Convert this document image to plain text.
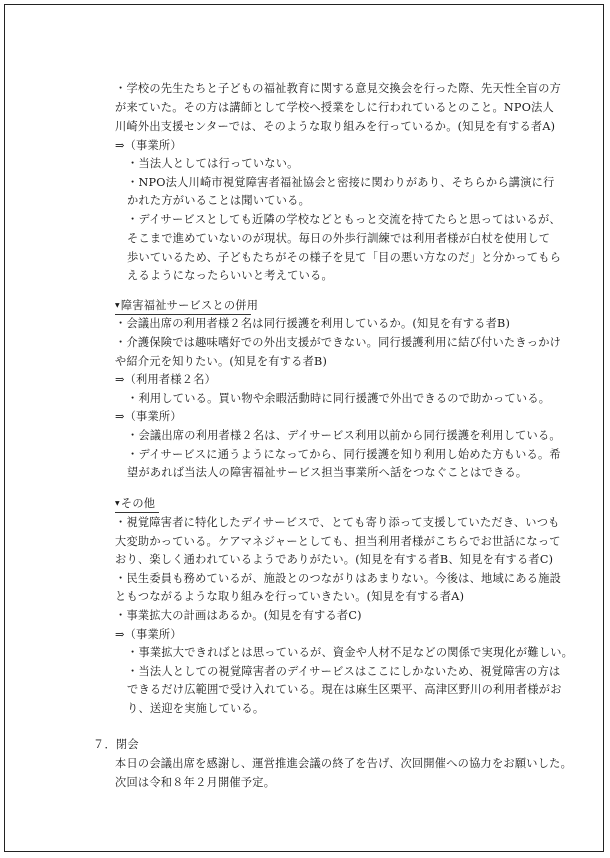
・学校の先生たちと子どもの福祉教育に関する意見交換会を行った際、先天性全盲の方

が来ていた。その方は講師として学校へ授業をしに行われているとのこと。NPO法人

川崎外出支援センターでは、そのような取り組みを行っているか。(知見を有する者A)

⇒（事業所）

・当法人としては行っていない。

・NPO法人川崎市視覚障害者福祉協会と密接に関わりがあり、そちらから講演に行

かれた方がいることは聞いている。

・デイサービスとしても近隣の学校などともっと交流を持てたらと思ってはいるが、

そこまで進めていないのが現状。毎日の外歩行訓練では利用者様が白杖を使用して

歩いているため、子どもたちがその様子を見て「目の悪い方なのだ」と分かってもら

えるようになったらいいと考えている。

▼障害福祉サービスとの併用

・会議出席の利用者様２名は同行援護を利用しているか。(知見を有する者B)

・介護保険では趣味嗜好での外出支援ができない。同行援護利用に結び付いたきっかけ

や紹介元を知りたい。(知見を有する者B)

⇒（利用者様２名）

・利用している。買い物や余暇活動時に同行援護で外出できるので助かっている。

⇒（事業所）

・会議出席の利用者様２名は、デイサービス利用以前から同行援護を利用している。

・デイサービスに通うようになってから、同行援護を知り利用し始めた方もいる。希

望があれば当法人の障害福祉サービス担当事業所へ話をつなぐことはできる。

▼その他

・視覚障害者に特化したデイサービスで、とても寄り添って支援していただき、いつも

大変助かっている。ケアマネジャーとしても、担当利用者様がこちらでお世話になって

おり、楽しく通われているようでありがたい。(知見を有する者B、知見を有する者C)

・民生委員も務めているが、施設とのつながりはあまりない。今後は、地域にある施設

ともつながるような取り組みを行っていきたい。(知見を有する者A)

・事業拡大の計画はあるか。(知見を有する者C)

⇒（事業所）

・事業拡大できればとは思っているが、資金や人材不足などの関係で実現化が難しい。

・当法人としての視覚障害者のデイサービスはここにしかないため、視覚障害の方は

できるだけ広範囲で受け入れている。現在は麻生区栗平、高津区野川の利用者様がお

り、送迎を実施している。

７．閉会

本日の会議出席を感謝し、運営推進会議の終了を告げ、次回開催への協力をお願いした。

次回は令和８年２月開催予定。
